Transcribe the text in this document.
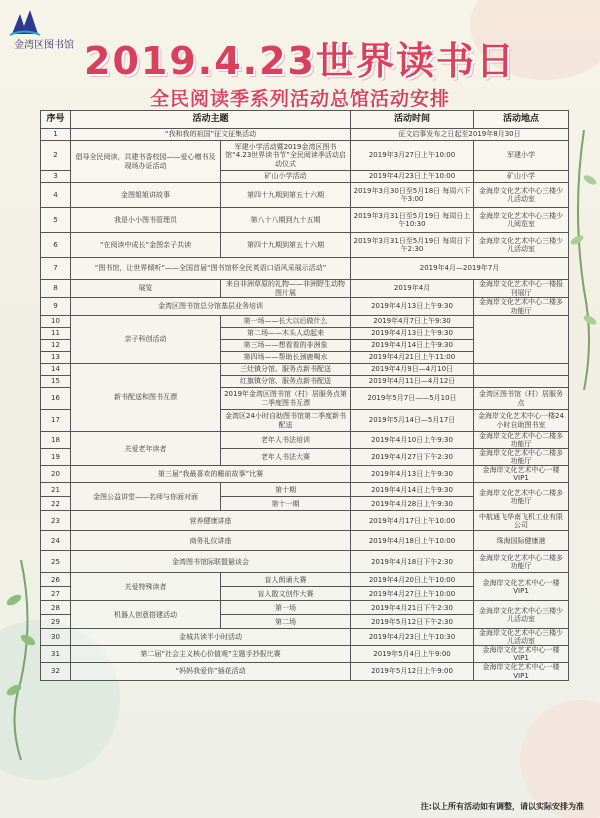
金湾区图书馆 2019.4.23世界读书日
全民阅读季系列活动总馆活动安排
序号	活动主题		活动时间	活动地点
1	“我和我的祖国”征文征集活动		征文启事发布之日起至2019年8月30日	
2	倡导全民阅读，共建书香校园——爱心赠书及现场办证活动	军建小学活动暨2019金湾区图书馆“4.23世界读书节”全民阅读季活动启动仪式	2019年3月27日上午10:00	军建小学
3		矿山小学活动	2019年4月23日上午10:00	矿山小学
4	金图姐姐讲故事	第四十九期到第五十六期	2019年3月30日至5月18日 每周六下午3:00	金海岸文化艺术中心三楼少儿活动室
5	我是小小图书管理员	第八十八期到九十五期	2019年3月31日至5月19日 每周日上午10:30	金海岸文化艺术中心三楼少儿阅览室
6	“在阅读中成长”金图亲子共读	第四十九期到第五十六期	2019年3月31日至5月19日 每周日下午2:30	金海岸文化艺术中心三楼少儿活动室
7	“图书馆，让世界倾听”——全国首届“图书馆杯全民英语口语风采展示活动”		2019年4月—2019年7月	
8	展览	来自非洲草原的礼物——非洲野生动物图片展	2019年4月	金海岸文化艺术中心一楼报刊展厅
9	金湾区图书馆总分馆基层业务培训		2019年4月13日上午9:30	金海岸文化艺术中心二楼多功能厅
10	亲子科创活动	第一场——长大以后做什么	2019年4月7日上午9:30	
11		第二场——木头人动起来	2019年4月13日上午9:30	
12		第三场——想看看的非洲象	2019年4月14日上午9:30	
13		第四场——帮助长颈鹿喝水	2019年4月21日上午11:00	
14	新书配送和图书互漂	三灶镇分馆、服务点新书配送	2019年4月9日—4月10日	
15		红旗镇分馆、服务点新书配送	2019年4月11日—4月12日	
16		2019年金湾区图书馆（村）居服务点第二季度图书互漂	2019年5月7日——5月10日	金湾区图书馆（村）居服务点
17		金湾区24小时自助图书馆第二季度新书配送	2019年5月14日—5月17日	金海岸文化艺术中心一楼24小时自助图书室
18	关爱老年读者	老年人书法培训	2019年4月10日上午9:30	金海岸文化艺术中心二楼多功能厅
19		老年人书法大赛	2019年4月27日下午2:30	金海岸文化艺术中心二楼多功能厅
20	第三届“我最喜欢的睡前故事”比赛		2019年4月13日上午9:30	金海岸文化艺术中心一楼VIP1
21	金图公益讲堂——名师与你面对面	第十期	2019年4月14日上午9:30	金海岸文化艺术中心二楼多功能厅
22		第十一期	2019年4月28日上午9:30	
23	营养健康讲座		2019年4月17日上午10:00	中航通飞华南飞机工业有限公司
24	商务礼仪讲座		2019年4月18日上午10:00	珠海国际健康港
25	金湾图书馆际联盟悬谈会		2019年4月18日下午2:30	金海岸文化艺术中心二楼多功能厅
26	关爱特殊读者	盲人朗诵大赛	2019年4月20日上午10:00	金海岸文化艺术中心一楼VIP1
27		盲人散文创作大赛	2019年4月27日上午10:00	
28	机器人创意搭建活动	第一场	2019年4月21日下午2:30	金海岸文化艺术中心三楼少儿活动室
29		第二场	2019年5月12日下午2:30	
30	金城共读半小时活动		2019年4月23日上午10:30	金海岸文化艺术中心三楼少儿活动室
31	第二届“社会主义核心价值观”主题手抄报比赛		2019年5月4日上午9:00	金海岸文化艺术中心一楼VIP1
32	“妈妈我爱你”插花活动		2019年5月12日上午9:00	金海岸文化艺术中心一楼VIP1
注:以上所有活动如有调整，请以实际安排为准
